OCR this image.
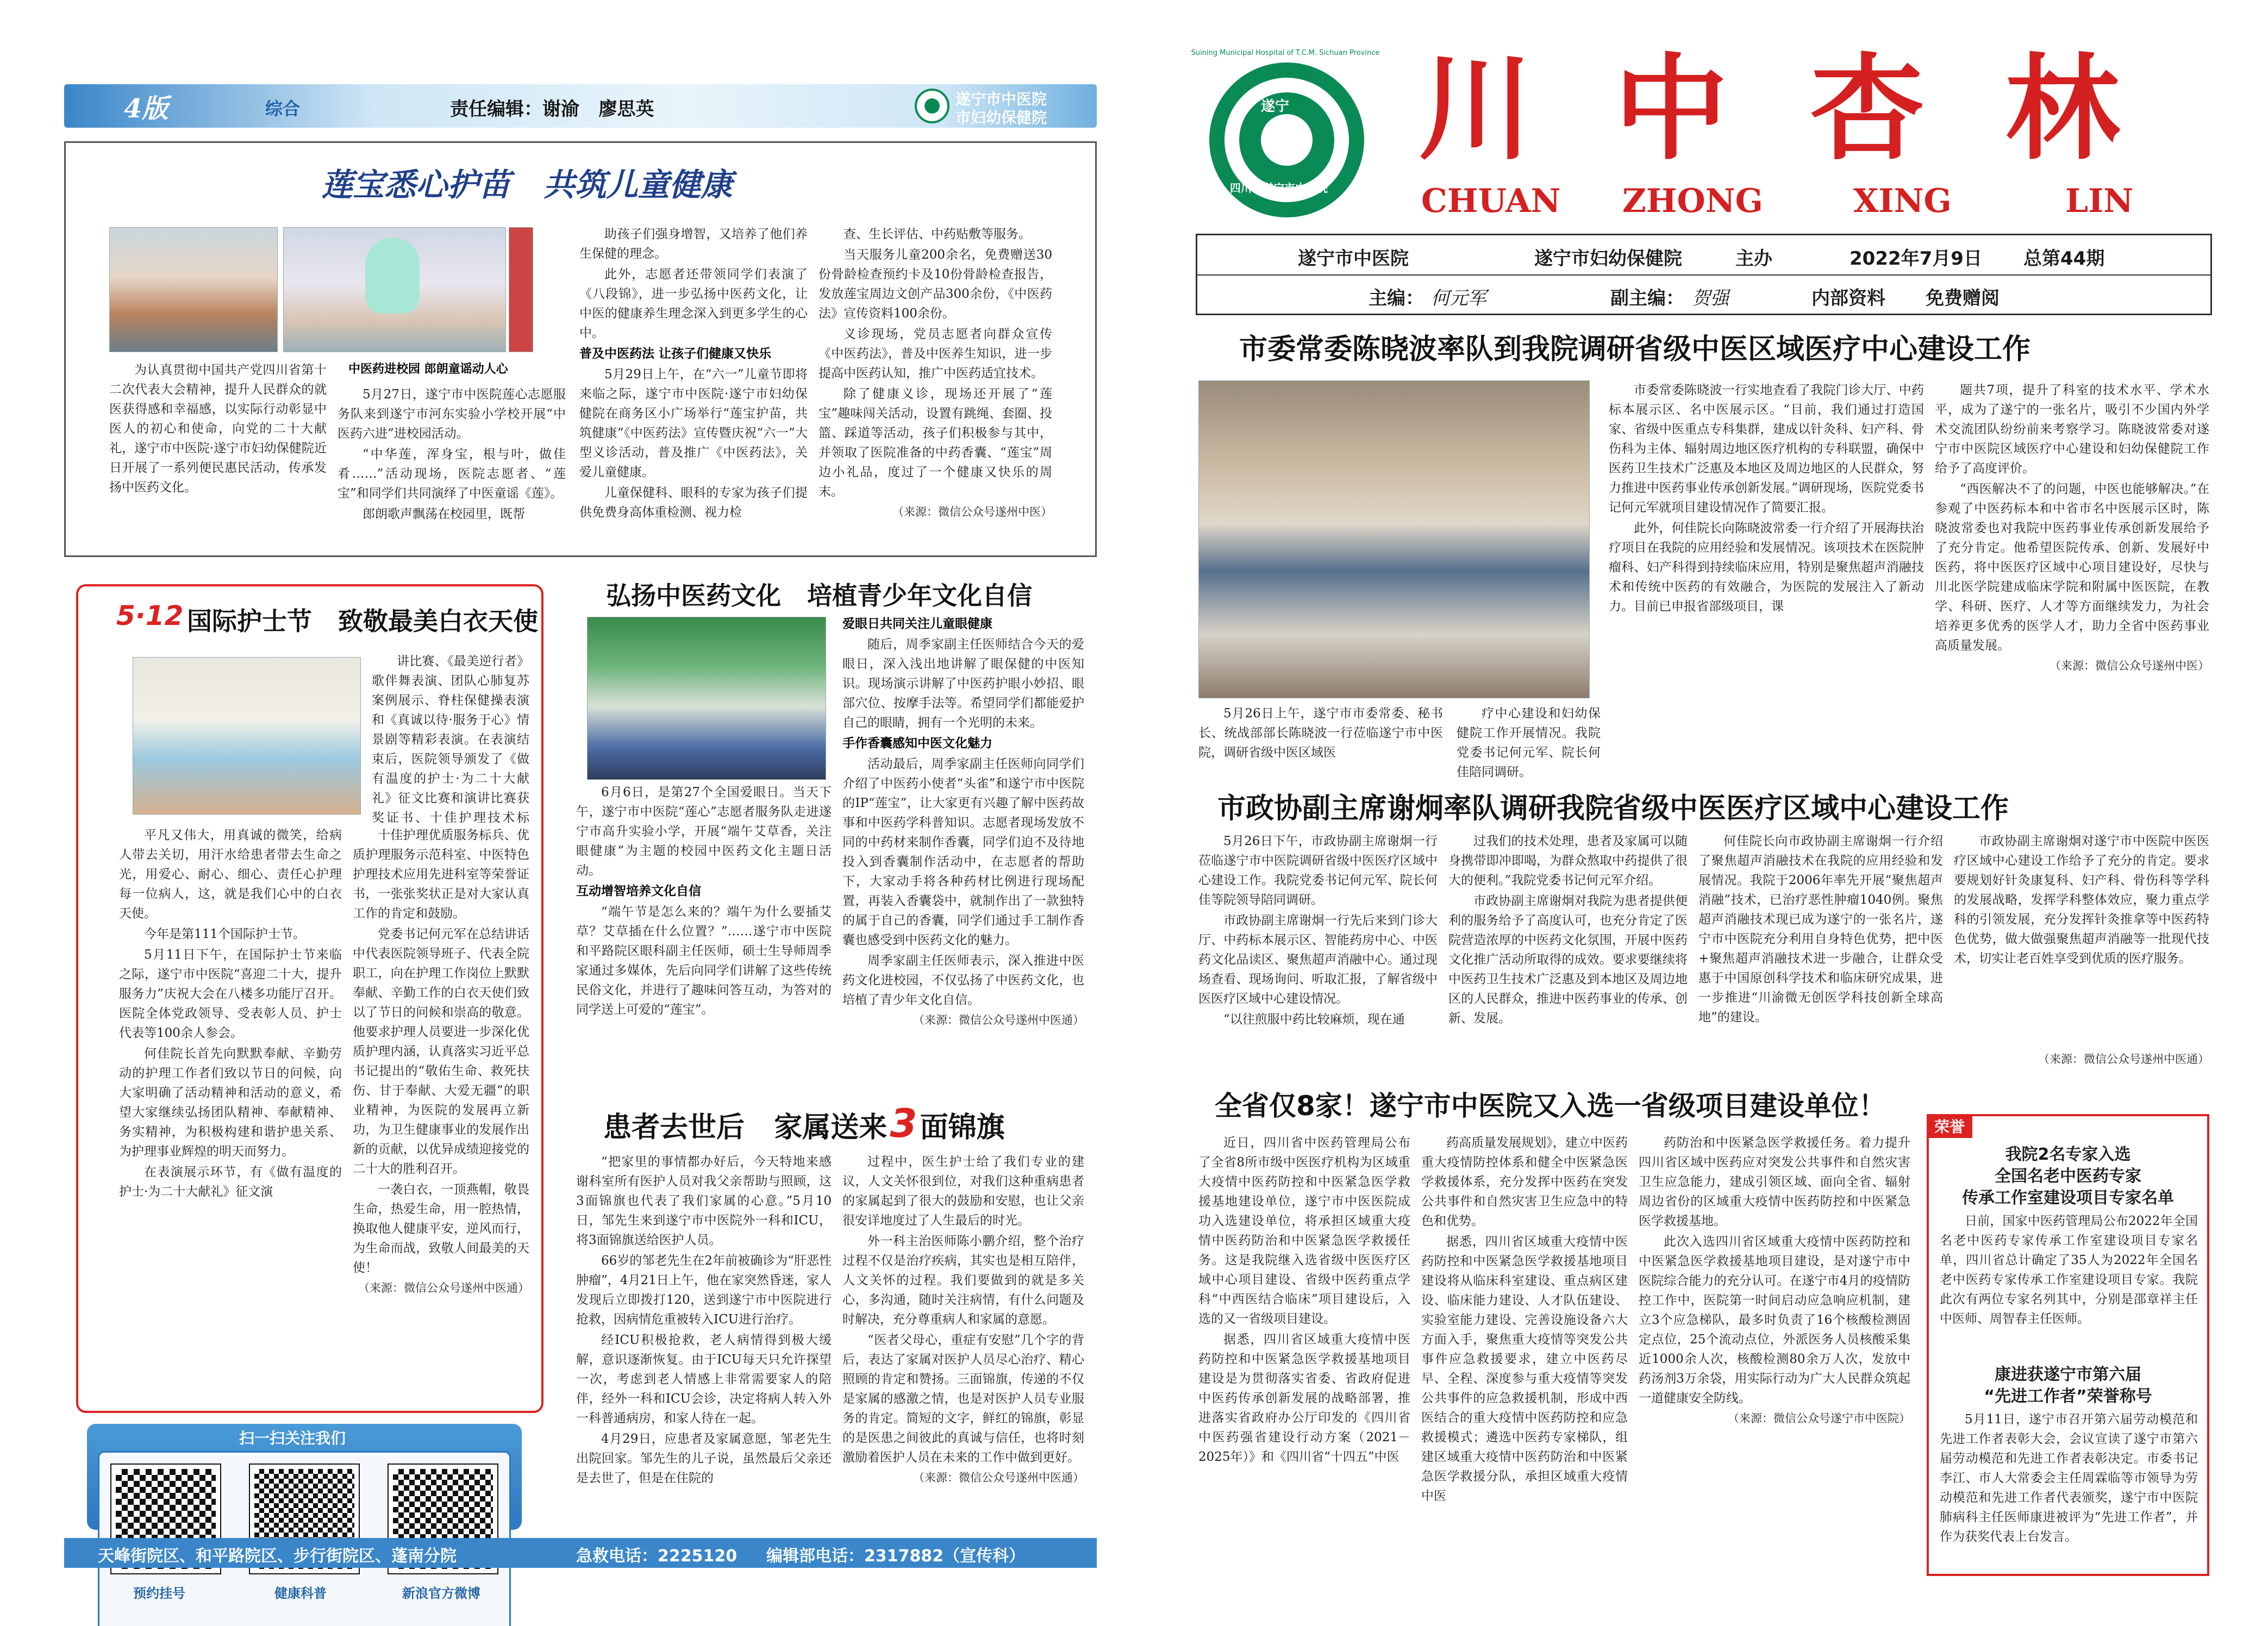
4版	综合	责任编辑：谢渝   廖思英	遂宁市中医院
市妇幼保健院
莲宝悉心护苗   共筑儿童健康
中医药进校园 郎朗童谣动人心

为认真贯彻中国共产党四川省第十二次代表大会精神，提升人民群众的就医获得感和幸福感，以实际行动彰显中医人的初心和使命，向党的二十大献礼，遂宁市中医院·遂宁市妇幼保健院近日开展了一系列便民惠民活动，传承发扬中医药文化。

5月27日，遂宁市中医院莲心志愿服务队来到遂宁市河东实验小学校开展“中医药六进”进校园活动。

“中华莲，浑身宝，根与叶，做佳肴……”活动现场，医院志愿者、“莲宝”和同学们共同演绎了中医童谣《莲》。

郎朗歌声飘荡在校园里，既帮

助孩子们强身增智，又培养了他们养生保健的理念。

此外，志愿者还带领同学们表演了《八段锦》，进一步弘扬中医药文化，让中医的健康养生理念深入到更多学生的心中。

普及中医药法 让孩子们健康又快乐

5月29日上午，在“六一”儿童节即将来临之际，遂宁市中医院·遂宁市妇幼保健院在商务区小广场举行“莲宝护苗，共筑健康”《中医药法》宣传暨庆祝“六一”大型义诊活动，普及推广《中医药法》，关爱儿童健康。

儿童保健科、眼科的专家为孩子们提供免费身高体重检测、视力检

查、生长评估、中药贴敷等服务。

当天服务儿童200余名，免费赠送30份骨龄检查预约卡及10份骨龄检查报告，发放莲宝周边文创产品300余份，《中医药法》宣传资料100余份。

义诊现场，党员志愿者向群众宣传《中医药法》，普及中医养生知识，进一步提高中医药认知，推广中医药适宜技术。

除了健康义诊，现场还开展了“莲宝”趣味闯关活动，设置有跳绳、套圈、投篮、踩道等活动，孩子们积极参与其中，并领取了医院准备的中药香囊、“莲宝”周边小礼品，度过了一个健康又快乐的周末。

（来源：微信公众号遂州中医）

5·12 国际护士节   致敬最美白衣天使

讲比赛、《最美逆行者》歌伴舞表演、团队心肺复苏案例展示、脊柱保健操表演和《真诚以待·服务于心》情景剧等精彩表演。在表演结束后，医院领导颁发了《做有温度的护士·为二十大献礼》征文比赛和演讲比赛获奖证书、十佳护理技术标

平凡又伟大，用真诚的微笑，给病人带去关切，用汗水给患者带去生命之光，用爱心、耐心、细心、责任心护理每一位病人，这，就是我们心中的白衣天使。

今年是第111个国际护士节。

5月11日下午，在国际护士节来临之际，遂宁市中医院“喜迎二十大，提升服务力”庆祝大会在八楼多功能厅召开。医院全体党政领导、受表彰人员、护士代表等100余人参会。

何佳院长首先向默默奉献、辛勤劳动的护理工作者们致以节日的问候，向大家明确了活动精神和活动的意义，希望大家继续弘扬团队精神、奉献精神、务实精神，为积极构建和谐护患关系、为护理事业辉煌的明天而努力。

在表演展示环节，有《做有温度的护士·为二十大献礼》征文演

十佳护理优质服务标兵、优质护理服务示范科室、中医特色护理技术应用先进科室等荣誉证书，一张张奖状正是对大家认真工作的肯定和鼓励。

党委书记何元军在总结讲话中代表医院领导班子、代表全院职工，向在护理工作岗位上默默奉献、辛勤工作的白衣天使们致以了节日的问候和崇高的敬意。他要求护理人员要进一步深化优质护理内涵，认真落实习近平总书记提出的“敬佑生命、救死扶伤、甘于奉献、大爱无疆”的职业精神，为医院的发展再立新功，为卫生健康事业的发展作出新的贡献，以优异成绩迎接党的二十大的胜利召开。

一袭白衣，一顶燕帽，敬畏生命，热爱生命，用一腔热情，换取他人健康平安，逆风而行，为生命而战，致敬人间最美的天使！

（来源：微信公众号遂州中医通）

弘扬中医药文化   培植青少年文化自信

6月6日，是第27个全国爱眼日。当天下午，遂宁市中医院“莲心”志愿者服务队走进遂宁市高升实验小学，开展“端午艾草香，关注眼健康”为主题的校园中医药文化主题日活动。

互动增智培养文化自信

“端午节是怎么来的？端午为什么要插艾草？艾草插在什么位置？”……遂宁市中医院和平路院区眼科副主任医师，硕士生导师周季家通过多媒体，先后向同学们讲解了这些传统民俗文化，并进行了趣味问答互动，为答对的同学送上可爱的“莲宝”。

爱眼日共同关注儿童眼健康

随后，周季家副主任医师结合今天的爱眼日，深入浅出地讲解了眼保健的中医知识。现场演示讲解了中医药护眼小妙招、眼部穴位、按摩手法等。希望同学们都能爱护自己的眼睛，拥有一个光明的未来。

手作香囊感知中医文化魅力

活动最后，周季家副主任医师向同学们介绍了中医药小使者“头雀”和遂宁市中医院的IP“莲宝”，让大家更有兴趣了解中医药故事和中医药学科普知识。志愿者现场发放不同的中药材来制作香囊，同学们迫不及待地投入到香囊制作活动中，在志愿者的帮助下，大家动手将各种药材比例进行现场配置，再装入香囊袋中，就制作出了一款独特的属于自己的香囊，同学们通过手工制作香囊也感受到中医药文化的魅力。

周季家副主任医师表示，深入推进中医药文化进校园，不仅弘扬了中医药文化，也培植了青少年文化自信。

（来源：微信公众号遂州中医通）

患者去世后   家属送来 3 面锦旗

“把家里的事情都办好后，今天特地来感谢科室所有医护人员对我父亲帮助与照顾，这3面锦旗也代表了我们家属的心意。”5月10日，邹先生来到遂宁市中医院外一科和ICU，将3面锦旗送给医护人员。

66岁的邹老先生在2年前被确诊为“肝恶性肿瘤”，4月21日上午，他在家突然昏迷，家人发现后立即拨打120，送到遂宁市中医院进行抢救，因病情危重被转入ICU进行治疗。

经ICU积极抢救，老人病情得到极大缓解，意识逐渐恢复。由于ICU每天只允许探望一次，考虑到老人情感上非常需要家人的陪伴，经外一科和ICU会诊，决定将病人转入外一科普通病房，和家人待在一起。

4月29日，应患者及家属意愿，邹老先生出院回家。邹先生的儿子说，虽然最后父亲还是去世了，但是在住院的

过程中，医生护士给了我们专业的建议，人文关怀很到位，对我们这种重病患者的家属起到了很大的鼓励和安慰，也让父亲很安详地度过了人生最后的时光。

外一科主治医师陈小鹏介绍，整个治疗过程不仅是治疗疾病，其实也是相互陪伴，人文关怀的过程。我们要做到的就是多关心，多沟通，随时关注病情，有什么问题及时解决，充分尊重病人和家属的意愿。

“医者父母心，重症有安慰”几个字的背后，表达了家属对医护人员尽心治疗、精心照顾的肯定和赞扬。三面锦旗，传递的不仅是家属的感激之情，也是对医护人员专业服务的肯定。简短的文字，鲜红的锦旗，彰显的是医患之间彼此的真诚与信任，也将时刻激励着医护人员在未来的工作中做到更好。

（来源：微信公众号遂州中医通）

扫一扫关注我们
预约挂号	健康科普	新浪官方微博
天峰街院区、和平路院区、步行街院区、蓬南分院	急救电话：2225120 编辑部电话：2317882（宣传科）
遂宁
四川省遂宁市中医院
Suining Municipal Hospital of T.C.M. Sichuan Province 川 中 杏 林
CHUAN ZHONG	XING	LIN
遂宁市中医院	遂宁市妇幼保健院	主办	2022年7月9日 总第44期
主编： 何元军	副主编： 贺强	内部资料 免费赠阅
市委常委陈晓波率队到我院调研省级中医区域医疗中心建设工作

5月26日上午，遂宁市市委常委、秘书长、统战部部长陈晓波一行莅临遂宁市中医院，调研省级中医区域医

疗中心建设和妇幼保健院工作开展情况。我院党委书记何元军、院长何佳陪同调研。

市委常委陈晓波一行实地查看了我院门诊大厅、中药标本展示区、名中医展示区。“目前，我们通过打造国家、省级中医重点专科集群，建成以针灸科、妇产科、骨伤科为主体、辐射周边地区医疗机构的专科联盟，确保中医药卫生技术广泛惠及本地区及周边地区的人民群众，努力推进中医药事业传承创新发展。”调研现场，医院党委书记何元军就项目建设情况作了简要汇报。

此外，何佳院长向陈晓波常委一行介绍了开展海扶治疗项目在我院的应用经验和发展情况。该项技术在医院肿瘤科、妇产科得到持续临床应用，特别是聚焦超声消融技术和传统中医药的有效融合，为医院的发展注入了新动力。目前已申报省部级项目，课

题共7项，提升了科室的技术水平、学术水平，成为了遂宁的一张名片，吸引不少国内外学术交流团队纷纷前来考察学习。陈晓波常委对遂宁市中医院区域医疗中心建设和妇幼保健院工作给予了高度评价。

“西医解决不了的问题，中医也能够解决。”在参观了中医药标本和中省市名中医展示区时，陈晓波常委也对我院中医药事业传承创新发展给予了充分肯定。他希望医院传承、创新、发展好中医药，将中医医疗区域中心项目建设好，尽快与川北医学院建成临床学院和附属中医医院，在教学、科研、医疗、人才等方面继续发力，为社会培养更多优秀的医学人才，助力全省中医药事业高质量发展。

（来源：微信公众号遂州中医）

市政协副主席谢炯率队调研我院省级中医医疗区域中心建设工作

5月26日下午，市政协副主席谢炯一行莅临遂宁市中医院调研省级中医医疗区域中心建设工作。我院党委书记何元军、院长何佳等院领导陪同调研。

市政协副主席谢炯一行先后来到门诊大厅、中药标本展示区、智能药房中心、中医药文化品读区、聚焦超声消融中心。通过现场查看、现场询问、听取汇报，了解省级中医医疗区域中心建设情况。

“以往煎服中药比较麻烦，现在通

过我们的技术处理，患者及家属可以随身携带即冲即喝，为群众熬取中药提供了很大的便利。”我院党委书记何元军介绍。

市政协副主席谢炯对我院为患者提供便利的服务给予了高度认可，也充分肯定了医院营造浓厚的中医药文化氛围，开展中医药文化推广活动所取得的成效。要求要继续将中医药卫生技术广泛惠及到本地区及周边地区的人民群众，推进中医药事业的传承、创新、发展。

何佳院长向市政协副主席谢炯一行介绍了聚焦超声消融技术在我院的应用经验和发展情况。我院于2006年率先开展“聚焦超声消融”技术，已治疗恶性肿瘤1040例。聚焦超声消融技术现已成为遂宁的一张名片，遂宁市中医院充分利用自身特色优势，把中医+聚焦超声消融技术进一步融合，让群众受惠于中国原创科学技术和临床研究成果，进一步推进“川渝微无创医学科技创新全球高地”的建设。

市政协副主席谢炯对遂宁市中医院中医医疗区域中心建设工作给予了充分的肯定。要求要规划好针灸康复科、妇产科、骨伤科等学科的发展战略，发挥学科整体效应，聚力重点学科的引领发展，充分发挥针灸推拿等中医药特色优势，做大做强聚焦超声消融等一批现代技术，切实让老百姓享受到优质的医疗服务。

（来源：微信公众号遂州中医通）

全省仅8家！遂宁市中医院又入选一省级项目建设单位！

近日，四川省中医药管理局公布了全省8所市级中医医疗机构为区域重大疫情中医药防控和中医紧急医学救援基地建设单位，遂宁市中医医院成功入选建设单位，将承担区域重大疫情中医药防治和中医紧急医学救援任务。这是我院继入选省级中医医疗区域中心项目建设、省级中医药重点学科“中西医结合临床”项目建设后，入选的又一省级项目建设。

据悉，四川省区域重大疫情中医药防控和中医紧急医学救援基地项目建设是为贯彻落实省委、省政府促进中医药传承创新发展的战略部署，推进落实省政府办公厅印发的《四川省中医药强省建设行动方案（2021－2025年）》和《四川省“十四五”中医

药高质量发展规划》，建立中医药重大疫情防控体系和健全中医紧急医学救援体系，充分发挥中医药在突发公共事件和自然灾害卫生应急中的特色和优势。

据悉，四川省区域重大疫情中医药防控和中医紧急医学救援基地项目建设将从临床科室建设、重点病区建设、临床能力建设、人才队伍建设、实验室能力建设、完善设施设备六大方面入手，聚焦重大疫情等突发公共事件应急救援要求，建立中医药尽早、全程、深度参与重大疫情等突发公共事件的应急救援机制，形成中西医结合的重大疫情中医药防控和应急救援模式；遴选中医药专家梯队，组建区域重大疫情中医药防治和中医紧急医学救援分队，承担区域重大疫情中医

药防治和中医紧急医学救援任务。着力提升四川省区域中医药应对突发公共事件和自然灾害卫生应急能力，建成引领区域、面向全省、辐射周边省份的区域重大疫情中医药防控和中医紧急医学救援基地。

此次入选四川省区域重大疫情中医药防控和中医紧急医学救援基地项目建设，是对遂宁市中医院综合能力的充分认可。在遂宁市4月的疫情防控工作中，医院第一时间启动应急响应机制，建立3个应急梯队，最多时负责了16个核酸检测固定点位，25个流动点位，外派医务人员核酸采集近1000余人次，核酸检测80余万人次，发放中药汤剂3万余袋，用实际行动为广大人民群众筑起一道健康安全防线。

（来源：微信公众号遂宁市中医院）

荣誉
我院2名专家入选
全国名老中医药专家
传承工作室建设项目专家名单

日前，国家中医药管理局公布2022年全国名老中医药专家传承工作室建设项目专家名单，四川省总计确定了35人为2022年全国名老中医药专家传承工作室建设项目专家。我院此次有两位专家名列其中，分别是邵章祥主任中医师、周智春主任医师。

康进获遂宁市第六届
“先进工作者”荣誉称号

5月11日，遂宁市召开第六届劳动模范和先进工作者表彰大会，会议宣读了遂宁市第六届劳动模范和先进工作者表彰决定。市委书记李江、市人大常委会主任周霖临等市领导为劳动模范和先进工作者代表颁奖，遂宁市中医院肺病科主任医师康进被评为“先进工作者”，并作为获奖代表上台发言。
